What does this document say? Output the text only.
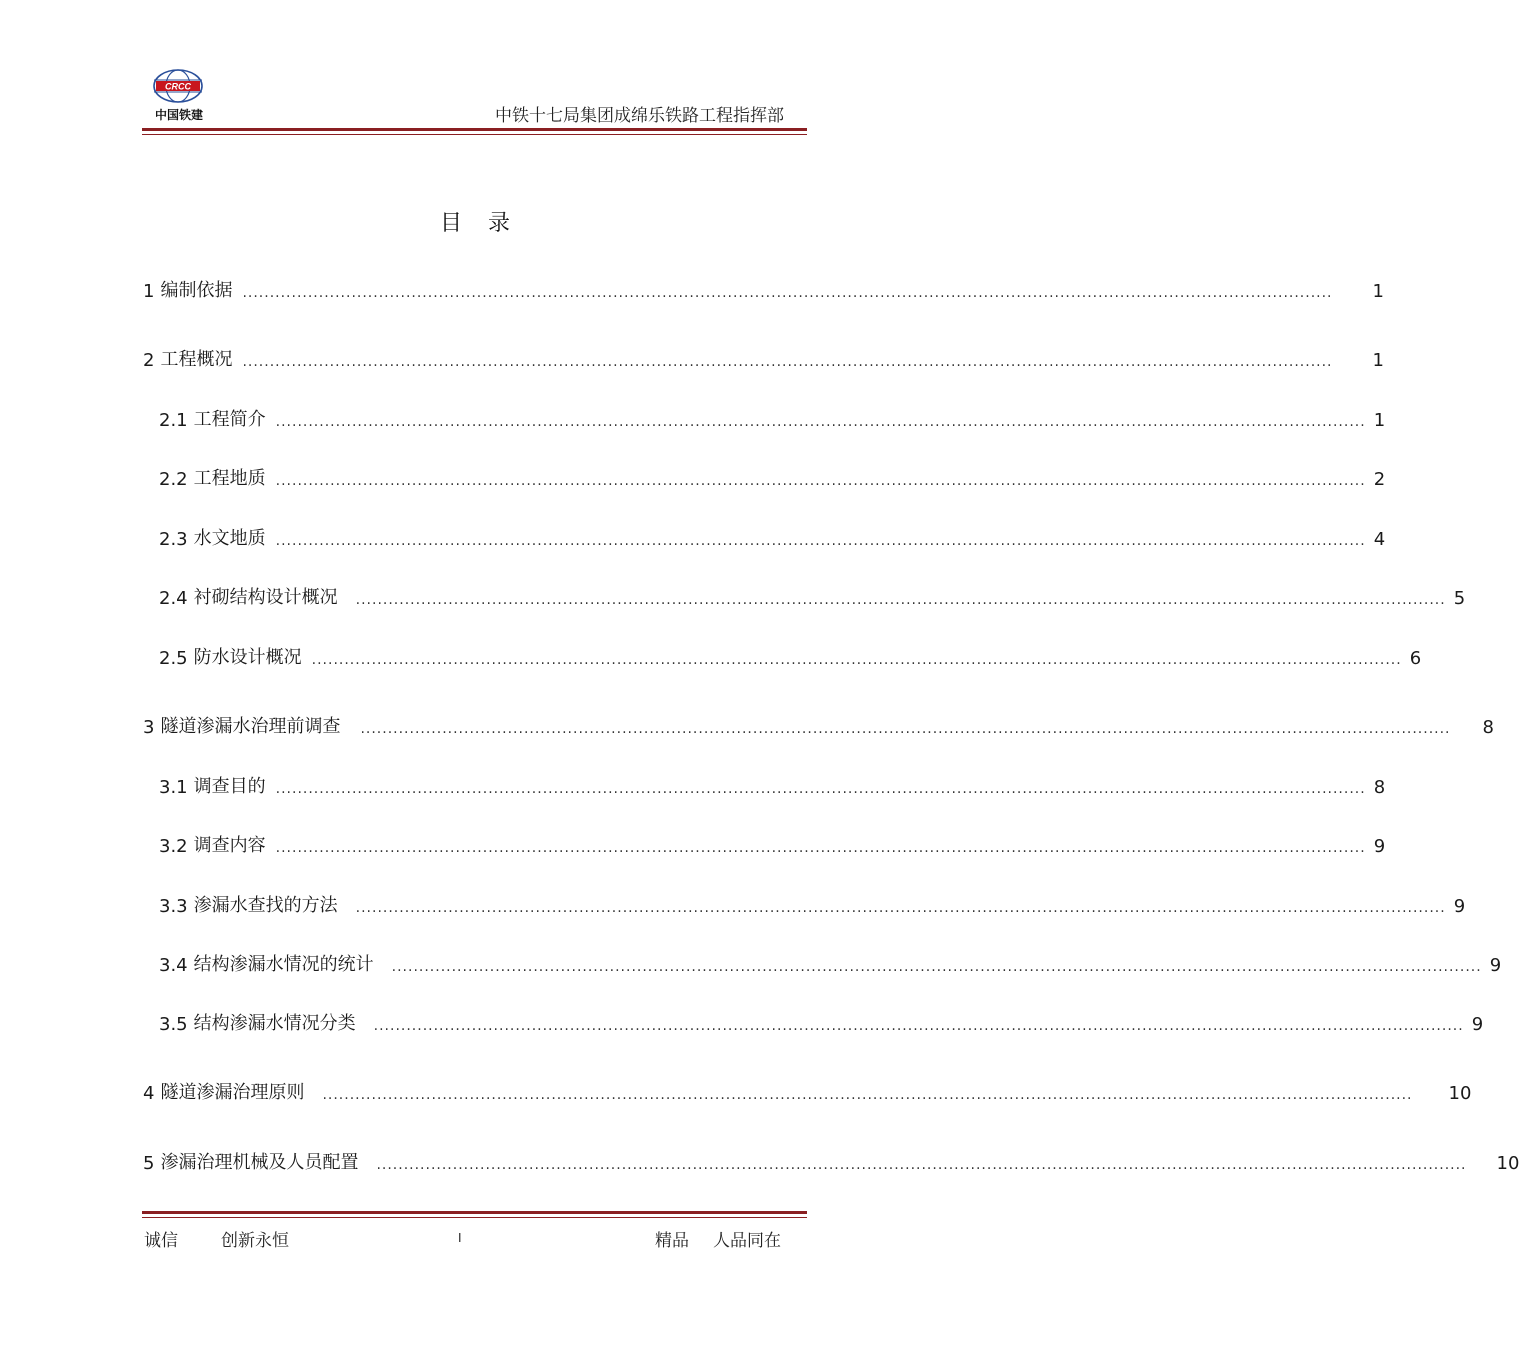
CRCC
中国铁建	中铁十七局集团成绵乐铁路工程指挥部
目录
1 编制依据 ........................................................................................................................................................................................................ 1
2 工程概况 ........................................................................................................................................................................................................ 1
2.1 工程简介 ........................................................................................................................................................................................................ 1
2.2 工程地质 ........................................................................................................................................................................................................ 2
2.3 水文地质 ........................................................................................................................................................................................................ 4
2.4 衬砌结构设计概况 ........................................................................................................................................................................................................ 5
2.5 防水设计概况 ........................................................................................................................................................................................................ 6
3 隧道渗漏水治理前调查 ........................................................................................................................................................................................................ 8
3.1 调查目的 ........................................................................................................................................................................................................ 8
3.2 调查内容 ........................................................................................................................................................................................................ 9
3.3 渗漏水查找的方法 ........................................................................................................................................................................................................ 9
3.4 结构渗漏水情况的统计 ........................................................................................................................................................................................................ 9
3.5 结构渗漏水情况分类 ........................................................................................................................................................................................................ 9
4 隧道渗漏治理原则 ........................................................................................................................................................................................................ 10
5 渗漏治理机械及人员配置 ........................................................................................................................................................................................................ 10
诚信	创新永恒	I	精品 人品同在
